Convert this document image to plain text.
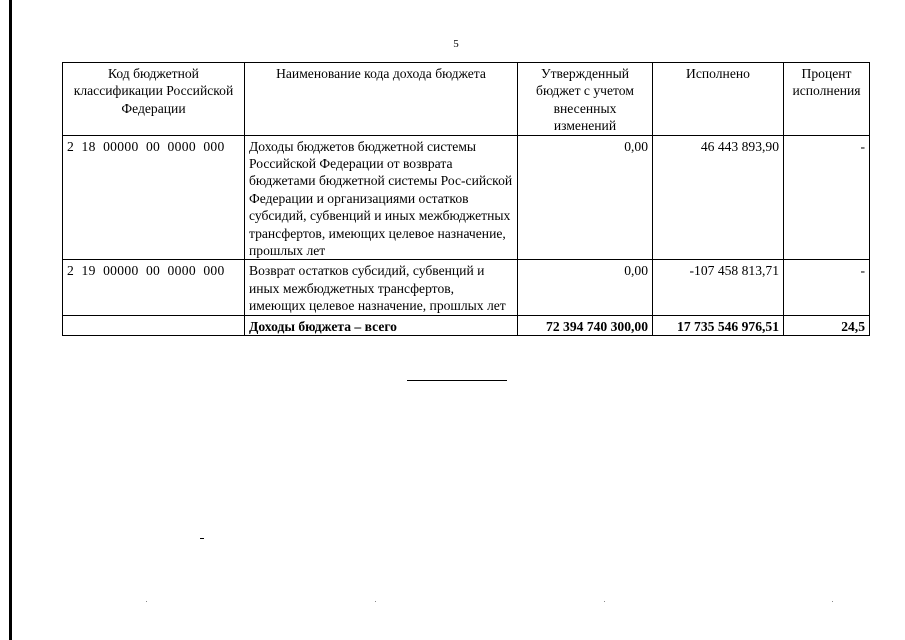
5
Код бюджетной классификации Российской Федерации	Наименование кода дохода бюджета	Утвержденный бюджет с учетом внесенных изменений	Исполнено	Процент исполнения
2  18  00000  00  0000  000	Доходы бюджетов бюджетной системы Российской Федерации от возврата бюджетами бюджетной системы Рос-сийской Федерации и организациями остатков субсидий, субвенций и иных межбюджетных трансфертов, имеющих целевое назначение, прошлых лет	0,00	46 443 893,90	-
2  19  00000  00  0000  000	Возврат остатков субсидий, субвенций и иных межбюджетных трансфертов, имеющих целевое назначение, прошлых лет	0,00	-107 458 813,71	-
	Доходы бюджета – всего	72 394 740 300,00	17 735 546 976,51	24,5
